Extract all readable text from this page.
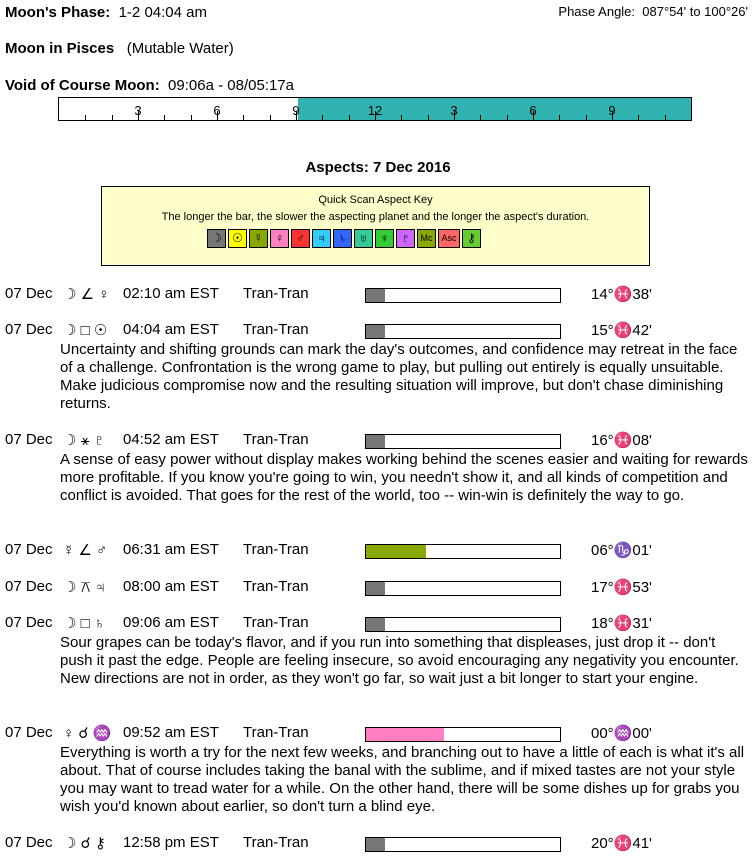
Moon's Phase: 1-2 04:04 am	Phase Angle: 087°54' to 100°26'
Moon in Pisces (Mutable Water)
Void of Course Moon: 09:06a - 08/05:17a
3	6	9	12	3	6	9
Aspects: 7 Dec 2016
Quick Scan Aspect Key
The longer the bar, the slower the aspecting planet and the longer the aspect's duration.
☽ ☉ ☿	♀	♂	♃	♄	♅	♆	♇	Mc Asc ⚷
07 Dec ☽ ∠ ♀ 02:10 am EST Tran-Tran	14°♓38'
07 Dec ☽ □ ☉ 04:04 am EST Tran-Tran	15°♓42'
Uncertainty and shifting grounds can mark the day's outcomes, and confidence may retreat in the face of a challenge. Confrontation is the wrong game to play, but pulling out entirely is equally unsuitable. Make judicious compromise now and the resulting situation will improve, but don't chase diminishing returns.
07 Dec ☽ ⚹ ♇ 04:52 am EST Tran-Tran	16°♓08'
A sense of easy power without display makes working behind the scenes easier and waiting for rewards more profitable. If you know you're going to win, you needn't show it, and all kinds of competition and conflict is avoided. That goes for the rest of the world, too -- win-win is definitely the way to go.
07 Dec ☿ ∠ ♂ 06:31 am EST Tran-Tran	06°♑01'
07 Dec ☽ ⚻ ♃ 08:00 am EST Tran-Tran	17°♓53'
07 Dec ☽ □ ♄ 09:06 am EST Tran-Tran	18°♓31'
Sour grapes can be today's flavor, and if you run into something that displeases, just drop it -- don't push it past the edge. People are feeling insecure, so avoid encouraging any negativity you encounter. New directions are not in order, as they won't go far, so wait just a bit longer to start your engine.
07 Dec ♀ ☌ ♒ 09:52 am EST Tran-Tran	00°♒00'
Everything is worth a try for the next few weeks, and branching out to have a little of each is what it's all about. That of course includes taking the banal with the sublime, and if mixed tastes are not your style you may want to tread water for a while. On the other hand, there will be some dishes up for grabs you wish you'd known about earlier, so don't turn a blind eye.
07 Dec ☽ ☌ ⚷ 12:58 pm EST Tran-Tran	20°♓41'
